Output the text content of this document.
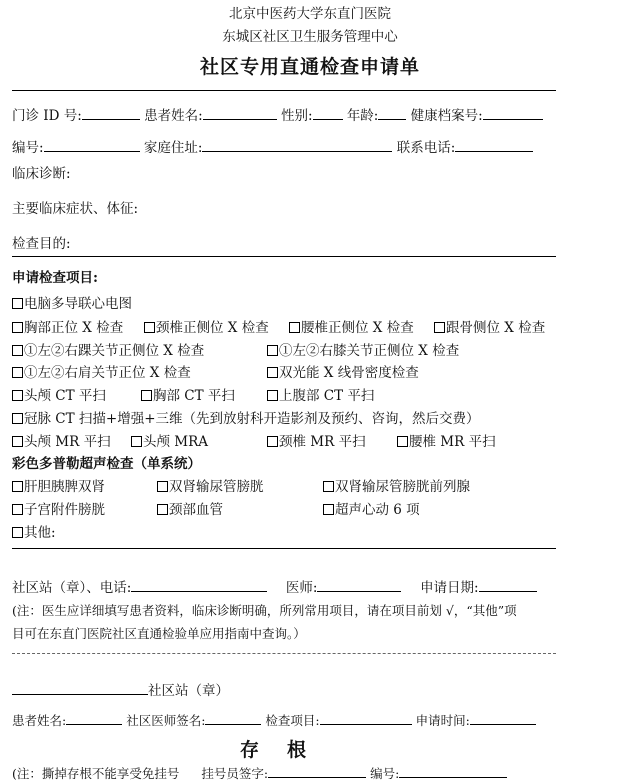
北京中医药大学东直门医院
东城区社区卫生服务管理中心
社区专用直通检查申请单
门诊 ID 号:	患者姓名:	性别:	年龄: 健康档案号:
编号:	家庭住址:	联系电话:
临床诊断:
主要临床症状、体征:
检查目的:
申请检查项目:
电脑多导联心电图
胸部正位 X 检查	颈椎正侧位 X 检查	腰椎正侧位 X 检查	跟骨侧位 X 检查
①左②右踝关节正侧位 X 检查	①左②右膝关节正侧位 X 检查
①左②右肩关节正位 X 检查	双光能 X 线骨密度检查
头颅 CT 平扫	胸部 CT 平扫	上腹部 CT 平扫
冠脉 CT 扫描+增强+三维（先到放射科开造影剂及预约、咨询，然后交费）
头颅 MR 平扫	头颅 MRA	颈椎 MR 平扫	腰椎 MR 平扫
彩色多普勒超声检查（单系统）
肝胆胰脾双肾	双肾输尿管膀胱	双肾输尿管膀胱前列腺
子宫附件膀胱	颈部血管	超声心动 6 项
其他:
社区站（章）、电话:	医师:	申请日期:
(注：医生应详细填写患者资料，临床诊断明确，所列常用项目，请在项目前划 √，“其他”项
目可在东直门医院社区直通检验单应用指南中查询。）
社区站（章）
患者姓名:	社区医师签名:	检查项目:	申请时间:
存根
(注：撕掉存根不能享受免挂号 挂号员签字:	编号:
